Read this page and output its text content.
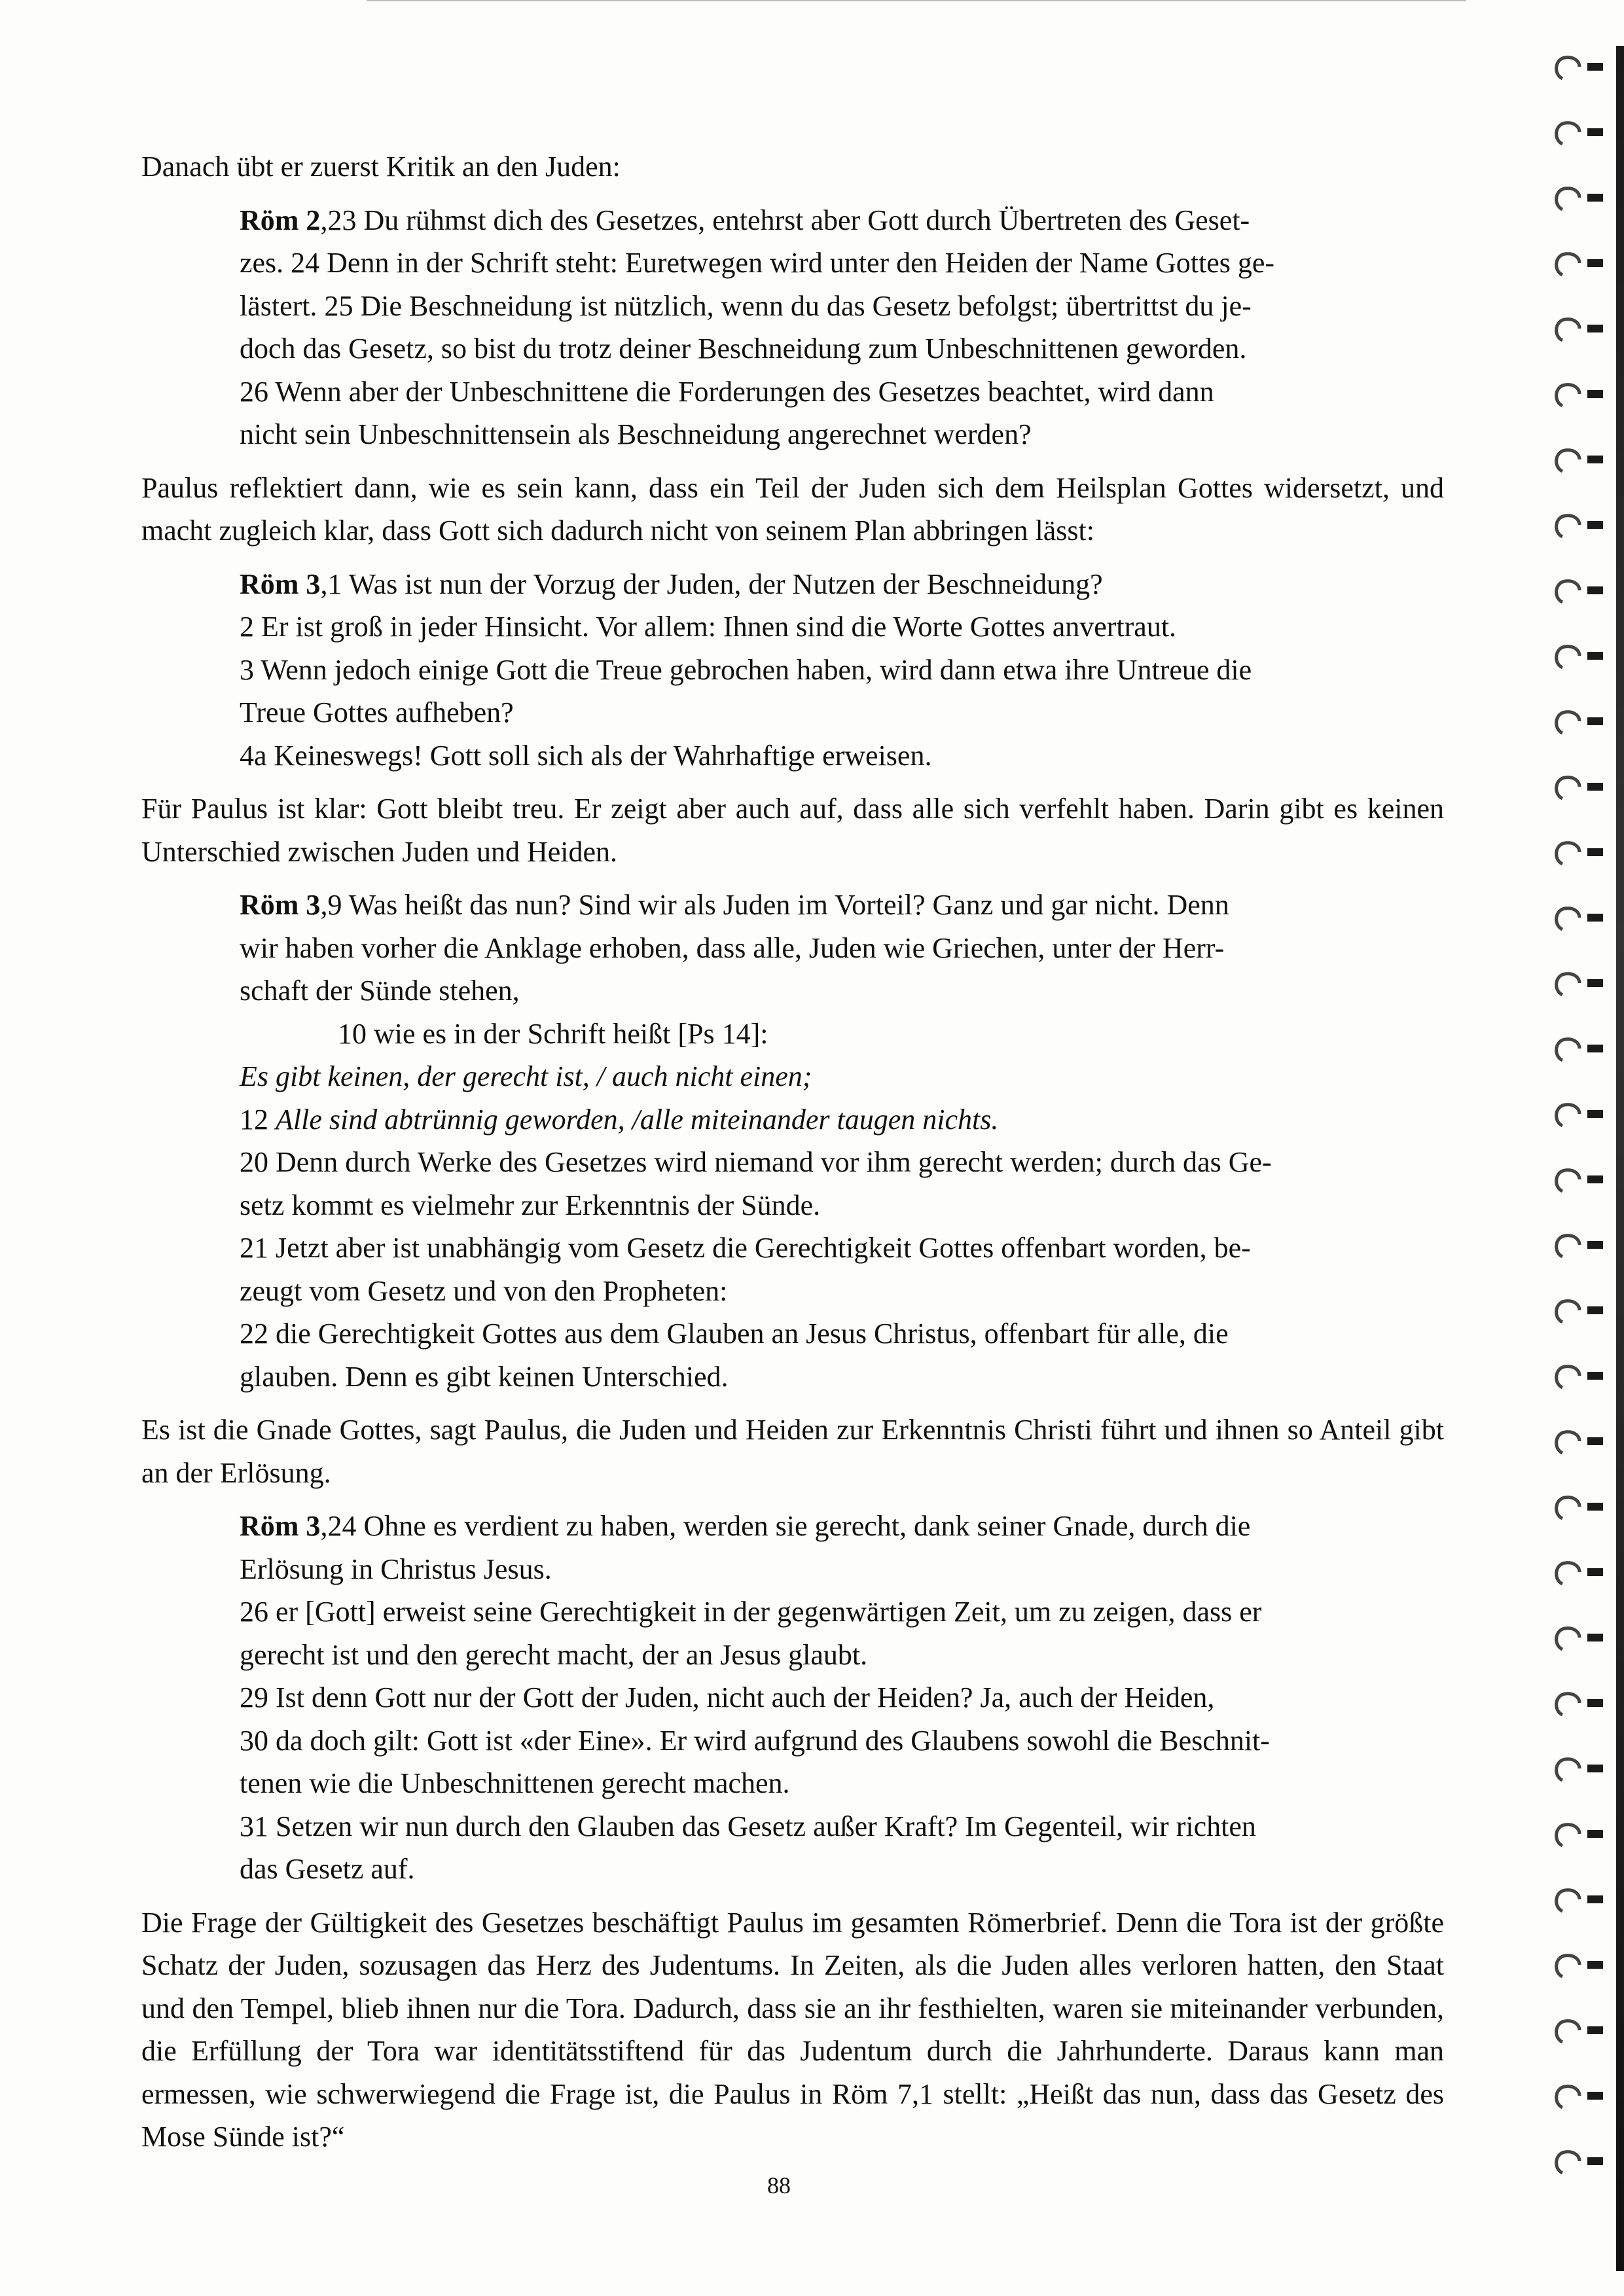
Danach übt er zuerst Kritik an den Juden:

Röm 2,23 Du rühmst dich des Gesetzes, entehrst aber Gott durch Übertreten des Geset-
zes. 24 Denn in der Schrift steht: Euretwegen wird unter den Heiden der Name Gottes ge-
lästert. 25 Die Beschneidung ist nützlich, wenn du das Gesetz befolgst; übertrittst du je-
doch das Gesetz, so bist du trotz deiner Beschneidung zum Unbeschnittenen geworden.
26 Wenn aber der Unbeschnittene die Forderungen des Gesetzes beachtet, wird dann
nicht sein Unbeschnittensein als Beschneidung angerechnet werden?

Paulus reflektiert dann, wie es sein kann, dass ein Teil der Juden sich dem Heilsplan Gottes widersetzt, und macht zugleich klar, dass Gott sich dadurch nicht von seinem Plan abbringen lässt:

Röm 3,1 Was ist nun der Vorzug der Juden, der Nutzen der Beschneidung?
2 Er ist groß in jeder Hinsicht. Vor allem: Ihnen sind die Worte Gottes anvertraut.
3 Wenn jedoch einige Gott die Treue gebrochen haben, wird dann etwa ihre Untreue die
Treue Gottes aufheben?
4a Keineswegs! Gott soll sich als der Wahrhaftige erweisen.

Für Paulus ist klar: Gott bleibt treu. Er zeigt aber auch auf, dass alle sich verfehlt haben. Darin gibt es keinen Unterschied zwischen Juden und Heiden.

Röm 3,9 Was heißt das nun? Sind wir als Juden im Vorteil? Ganz und gar nicht. Denn
wir haben vorher die Anklage erhoben, dass alle, Juden wie Griechen, unter der Herr-
schaft der Sünde stehen,
10 wie es in der Schrift heißt [Ps 14]:
Es gibt keinen, der gerecht ist, / auch nicht einen;
12 Alle sind abtrünnig geworden, /alle miteinander taugen nichts.
20 Denn durch Werke des Gesetzes wird niemand vor ihm gerecht werden; durch das Ge-
setz kommt es vielmehr zur Erkenntnis der Sünde.
21 Jetzt aber ist unabhängig vom Gesetz die Gerechtigkeit Gottes offenbart worden, be-
zeugt vom Gesetz und von den Propheten:
22 die Gerechtigkeit Gottes aus dem Glauben an Jesus Christus, offenbart für alle, die
glauben. Denn es gibt keinen Unterschied.

Es ist die Gnade Gottes, sagt Paulus, die Juden und Heiden zur Erkenntnis Christi führt und ihnen so Anteil gibt an der Erlösung.

Röm 3,24 Ohne es verdient zu haben, werden sie gerecht, dank seiner Gnade, durch die
Erlösung in Christus Jesus.
26 er [Gott] erweist seine Gerechtigkeit in der gegenwärtigen Zeit, um zu zeigen, dass er
gerecht ist und den gerecht macht, der an Jesus glaubt.
29 Ist denn Gott nur der Gott der Juden, nicht auch der Heiden? Ja, auch der Heiden,
30 da doch gilt: Gott ist «der Eine». Er wird aufgrund des Glaubens sowohl die Beschnit-
tenen wie die Unbeschnittenen gerecht machen.
31 Setzen wir nun durch den Glauben das Gesetz außer Kraft? Im Gegenteil, wir richten
das Gesetz auf.

Die Frage der Gültigkeit des Gesetzes beschäftigt Paulus im gesamten Römerbrief. Denn die Tora ist der größte Schatz der Juden, sozusagen das Herz des Judentums. In Zeiten, als die Juden alles verloren hatten, den Staat und den Tempel, blieb ihnen nur die Tora. Dadurch, dass sie an ihr festhielten, waren sie miteinander verbunden, die Erfüllung der Tora war identitätsstiftend für das Judentum durch die Jahrhunderte. Daraus kann man ermessen, wie schwerwiegend die Frage ist, die Paulus in Röm 7,1 stellt: „Heißt das nun, dass das Gesetz des Mose Sünde ist?“

88
